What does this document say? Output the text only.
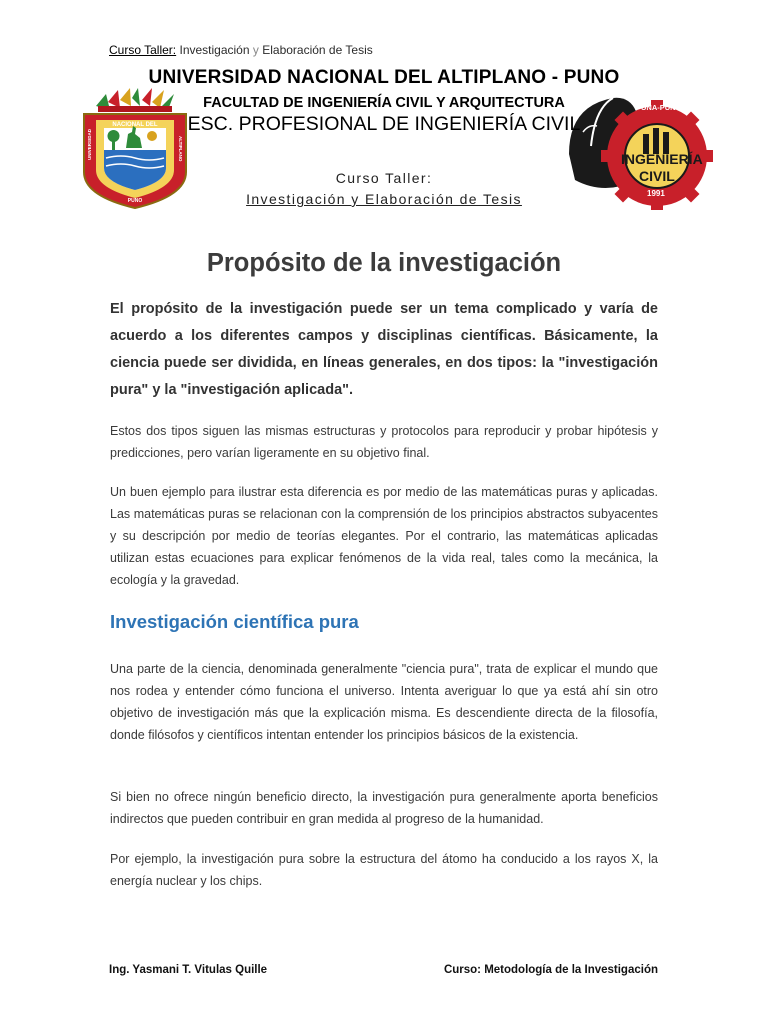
Curso Taller: Investigación y Elaboración de Tesis
NACIONAL DEL
UNIVERSIDAD	ALTIPLANO
PUNO
UNA-PUNO
INGENIERÍA
CIVIL
1991
UNIVERSIDAD NACIONAL DEL ALTIPLANO - PUNO
FACULTAD DE INGENIERÍA CIVIL Y ARQUITECTURA
ESC. PROFESIONAL DE INGENIERÍA CIVIL
Curso Taller:
Investigación y Elaboración de Tesis
Propósito de la investigación

El propósito de la investigación puede ser un tema complicado y varía de acuerdo a los diferentes campos y disciplinas científicas. Básicamente, la ciencia puede ser dividida, en líneas generales, en dos tipos: la "investigación pura" y la "investigación aplicada".

Estos dos tipos siguen las mismas estructuras y protocolos para reproducir y probar hipótesis y predicciones, pero varían ligeramente en su objetivo final.

Un buen ejemplo para ilustrar esta diferencia es por medio de las matemáticas puras y aplicadas. Las matemáticas puras se relacionan con la comprensión de los principios abstractos subyacentes y su descripción por medio de teorías elegantes. Por el contrario, las matemáticas aplicadas utilizan estas ecuaciones para explicar fenómenos de la vida real, tales como la mecánica, la ecología y la gravedad.

Investigación científica pura

Una parte de la ciencia, denominada generalmente "ciencia pura", trata de explicar el mundo que nos rodea y entender cómo funciona el universo. Intenta averiguar lo que ya está ahí sin otro objetivo de investigación más que la explicación misma. Es descendiente directa de la filosofía, donde filósofos y científicos intentan entender los principios básicos de la existencia.

Si bien no ofrece ningún beneficio directo, la investigación pura generalmente aporta beneficios indirectos que pueden contribuir en gran medida al progreso de la humanidad.

Por ejemplo, la investigación pura sobre la estructura del átomo ha conducido a los rayos X, la energía nuclear y los chips.

Ing. Yasmani T. Vitulas Quille	Curso: Metodología de la Investigación
